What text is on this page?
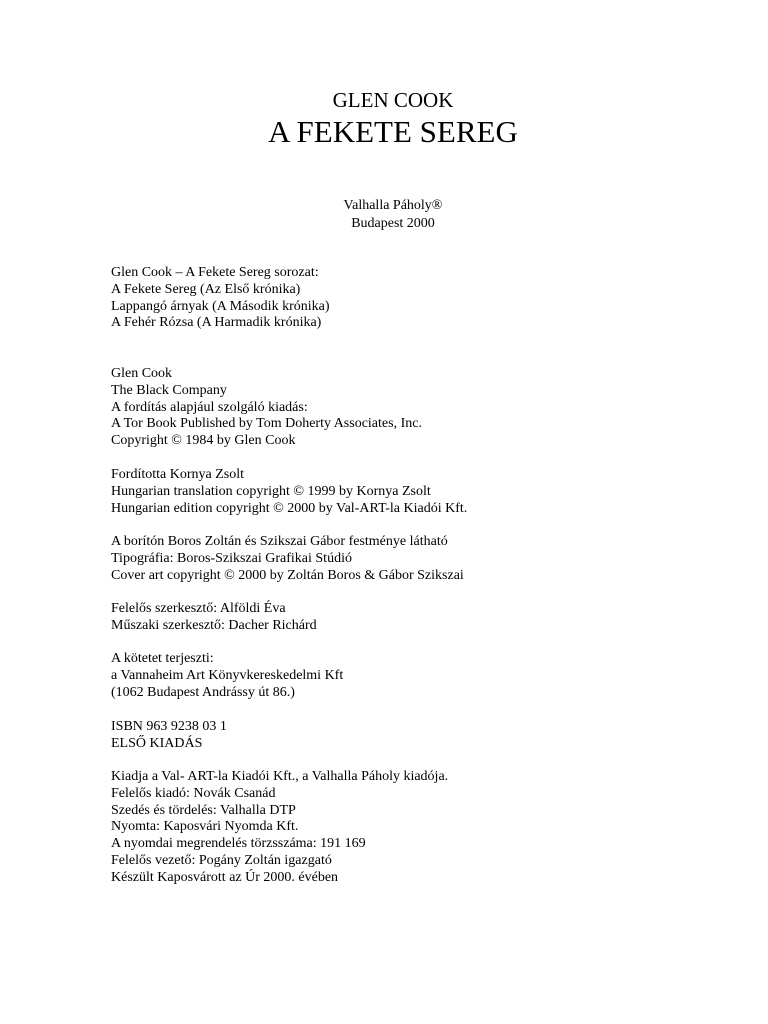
GLEN COOK
A FEKETE SEREG
Valhalla Páholy®
Budapest 2000
Glen Cook – A Fekete Sereg sorozat:
A Fekete Sereg (Az Első krónika)
Lappangó árnyak (A Második krónika)
A Fehér Rózsa (A Harmadik krónika)
Glen Cook
The Black Company
A fordítás alapjául szolgáló kiadás:
A Tor Book Published by Tom Doherty Associates, Inc.
Copyright © 1984 by Glen Cook
Fordította Kornya Zsolt
Hungarian translation copyright © 1999 by Kornya Zsolt
Hungarian edition copyright © 2000 by Val-ART-la Kiadói Kft.
A borítón Boros Zoltán és Szikszai Gábor festménye látható
Tipográfia: Boros-Szikszai Grafikai Stúdió
Cover art copyright © 2000 by Zoltán Boros & Gábor Szikszai
Felelős szerkesztő: Alföldi Éva
Műszaki szerkesztő: Dacher Richárd
A kötetet terjeszti:
a Vannaheim Art Könyvkereskedelmi Kft
(1062 Budapest Andrássy út 86.)
ISBN 963 9238 03 1
ELSŐ KIADÁS
Kiadja a Val- ART-la Kiadói Kft., a Valhalla Páholy kiadója.
Felelős kiadó: Novák Csanád
Szedés és tördelés: Valhalla DTP
Nyomta: Kaposvári Nyomda Kft.
A nyomdai megrendelés törzsszáma: 191 169
Felelős vezető: Pogány Zoltán igazgató
Készült Kaposvárott az Úr 2000. évében
